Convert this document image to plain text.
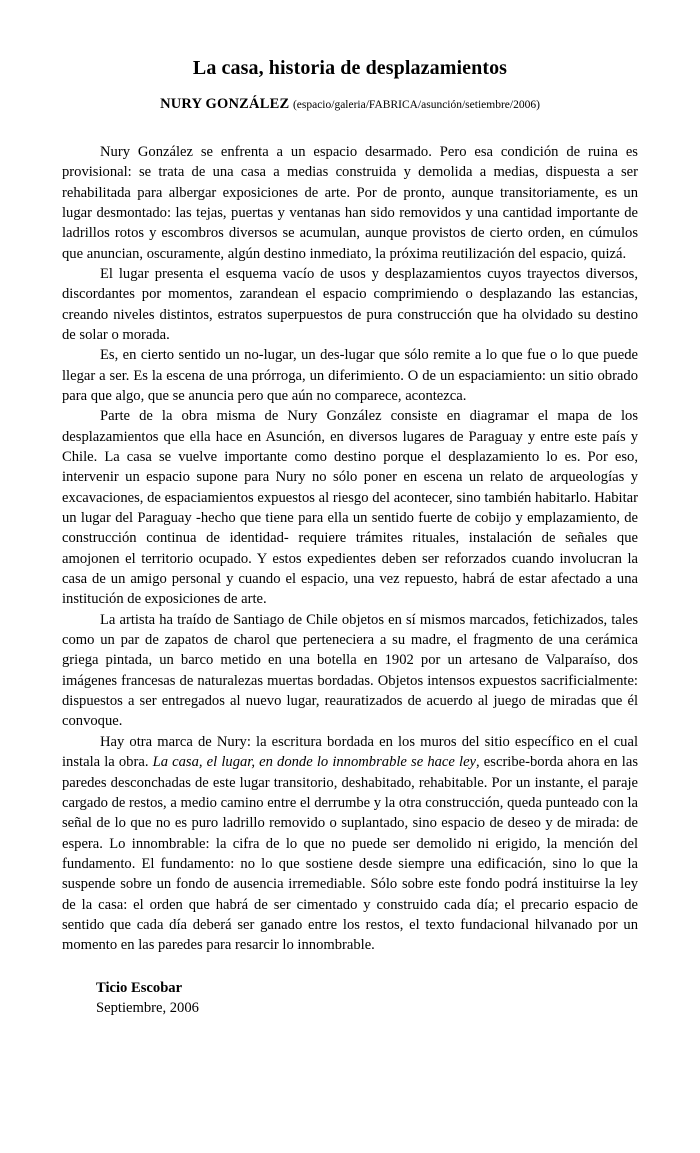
La casa, historia de desplazamientos
NURY GONZÁLEZ (espacio/galeria/FABRICA/asunción/setiembre/2006)

Nury González se enfrenta a un espacio desarmado. Pero esa condición de ruina es provisional: se trata de una casa a medias construida y demolida a medias, dispuesta a ser rehabilitada para albergar exposiciones de arte. Por de pronto, aunque transitoriamente, es un lugar desmontado: las tejas, puertas y ventanas han sido removidos y una cantidad importante de ladrillos rotos y escombros diversos se acumulan, aunque provistos de cierto orden, en cúmulos que anuncian, oscuramente, algún destino inmediato, la próxima reutilización del espacio, quizá.

El lugar presenta el esquema vacío de usos y desplazamientos cuyos trayectos diversos, discordantes por momentos, zarandean el espacio comprimiendo o desplazando las estancias, creando niveles distintos, estratos superpuestos de pura construcción que ha olvidado su destino de solar o morada.

Es, en cierto sentido un no-lugar, un des-lugar que sólo remite a lo que fue o lo que puede llegar a ser. Es la escena de una prórroga, un diferimiento. O de un espaciamiento: un sitio obrado para que algo, que se anuncia pero que aún no comparece, acontezca.

Parte de la obra misma de Nury González consiste en diagramar el mapa de los desplazamientos que ella hace en Asunción, en diversos lugares de Paraguay y entre este país y Chile. La casa se vuelve importante como destino porque el desplazamiento lo es. Por eso, intervenir un espacio supone para Nury no sólo poner en escena un relato de arqueologías y excavaciones, de espaciamientos expuestos al riesgo del acontecer, sino también habitarlo. Habitar un lugar del Paraguay -hecho que tiene para ella un sentido fuerte de cobijo y emplazamiento, de construcción continua de identidad- requiere trámites rituales, instalación de señales que amojonen el territorio ocupado. Y estos expedientes deben ser reforzados cuando involucran la casa de un amigo personal y cuando el espacio, una vez repuesto, habrá de estar afectado a una institución de exposiciones de arte.

La artista ha traído de Santiago de Chile objetos en sí mismos marcados, fetichizados, tales como un par de zapatos de charol que perteneciera a su madre, el fragmento de una cerámica griega pintada, un barco metido en una botella en 1902 por un artesano de Valparaíso, dos imágenes francesas de naturalezas muertas bordadas. Objetos intensos expuestos sacrificialmente: dispuestos a ser entregados al nuevo lugar, reauratizados de acuerdo al juego de miradas que él convoque.

Hay otra marca de Nury: la escritura bordada en los muros del sitio específico en el cual instala la obra. La casa, el lugar, en donde lo innombrable se hace ley, escribe-borda ahora en las paredes desconchadas de este lugar transitorio, deshabitado, rehabitable. Por un instante, el paraje cargado de restos, a medio camino entre el derrumbe y la otra construcción, queda punteado con la señal de lo que no es puro ladrillo removido o suplantado, sino espacio de deseo y de mirada: de espera. Lo innombrable: la cifra de lo que no puede ser demolido ni erigido, la mención del fundamento. El fundamento: no lo que sostiene desde siempre una edificación, sino lo que la suspende sobre un fondo de ausencia irremediable. Sólo sobre este fondo podrá instituirse la ley de la casa: el orden que habrá de ser cimentado y construido cada día; el precario espacio de sentido que cada día deberá ser ganado entre los restos, el texto fundacional hilvanado por un momento en las paredes para resarcir lo innombrable.

Ticio Escobar
Septiembre, 2006
